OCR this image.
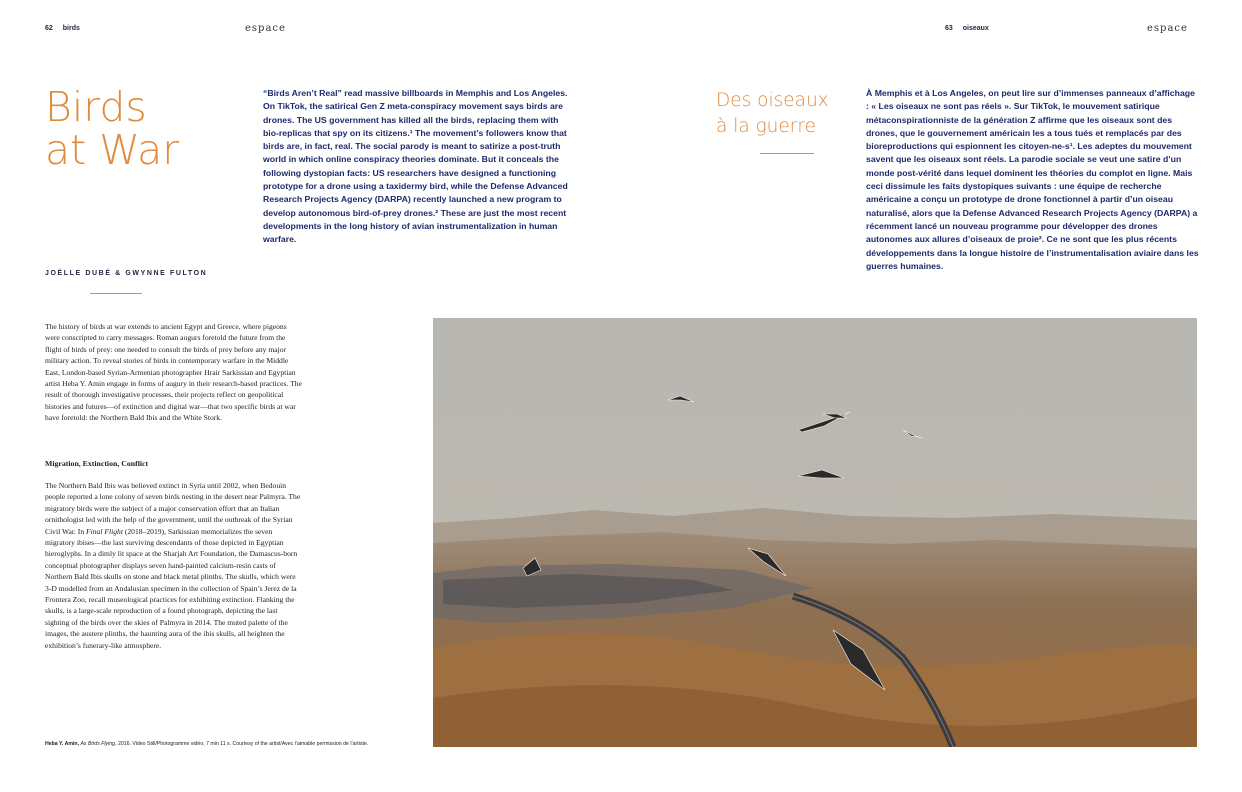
62 birds	espace
Birds
at War
“Birds Aren’t Real” read massive billboards in Memphis and Los Angeles. On TikTok, the satirical Gen Z meta-conspiracy movement says birds are drones. The US government has killed all the birds, replacing them with bio-replicas that spy on its citizens.¹ The movement’s followers know that birds are, in fact, real. The social parody is meant to satirize a post-truth world in which online conspiracy theories dominate. But it conceals the following dystopian facts: US researchers have designed a functioning prototype for a drone using a taxidermy bird, while the Defense Advanced Research Projects Agency (DARPA) recently launched a new program to develop autonomous bird-of-prey drones.² These are just the most recent developments in the long history of avian instrumentalization in human warfare.
JOËLLE DUBÉ & GWYNNE FULTON

The history of birds at war extends to ancient Egypt and Greece, where pigeons were conscripted to carry messages. Roman augurs foretold the future from the flight of birds of prey: one needed to consult the birds of prey before any major military action. To reveal stories of birds in contemporary warfare in the Middle East, London-based Syrian-Armenian photographer Hrair Sarkissian and Egyptian artist Heba Y. Amin engage in forms of augury in their research-based practices. The result of thorough investigative processes, their projects reflect on geopolitical histories and futures—of extinction and digital war—that two specific birds at war have foretold: the Northern Bald Ibis and the White Stork.

Migration, Extinction, Conflict

The Northern Bald Ibis was believed extinct in Syria until 2002, when Bedouin people reported a lone colony of seven birds nesting in the desert near Palmyra. The migratory birds were the subject of a major conservation effort that an Italian ornithologist led with the help of the government, until the outbreak of the Syrian Civil War. In Final Flight (2018–2019), Sarkissian memorializes the seven migratory ibises—the last surviving descendants of those depicted in Egyptian hieroglyphs. In a dimly lit space at the Sharjah Art Foundation, the Damascus-born conceptual photographer displays seven hand-painted calcium-resin casts of Northern Bald Ibis skulls on stone and black metal plinths. The skulls, which were 3-D modelled from an Andalusian specimen in the collection of Spain’s Jerez de la Frontera Zoo, recall museological practices for exhibiting extinction. Flanking the skulls, is a large-scale reproduction of a found photograph, depicting the last sighting of the birds over the skies of Palmyra in 2014. The muted palette of the images, the austere plinths, the haunting aura of the ibis skulls, all heighten the exhibition’s funerary-like atmosphere.

Heba Y. Amin, As Birds Flying, 2016. Video Still/Photogramme vidéo, 7 min 11 s. Courtesy of the artist/Avec l’aimable permission de l’artiste.
63 oiseaux	espace
Des oiseaux
à la guerre
À Memphis et à Los Angeles, on peut lire sur d’immenses panneaux d’affichage : « Les oiseaux ne sont pas réels ». Sur TikTok, le mouvement satirique métaconspirationniste de la génération Z affirme que les oiseaux sont des drones, que le gouvernement américain les a tous tués et remplacés par des bioreproductions qui espionnent les citoyen-ne-s¹. Les adeptes du mouvement savent que les oiseaux sont réels. La parodie sociale se veut une satire d’un monde post-vérité dans lequel dominent les théories du complot en ligne. Mais ceci dissimule les faits dystopiques suivants : une équipe de recherche américaine a conçu un prototype de drone fonctionnel à partir d’un oiseau naturalisé, alors que la Defense Advanced Research Projects Agency (DARPA) a récemment lancé un nouveau programme pour développer des drones autonomes aux allures d’oiseaux de proie². Ce ne sont que les plus récents développements dans la longue histoire de l’instrumentalisation aviaire dans les guerres humaines.
